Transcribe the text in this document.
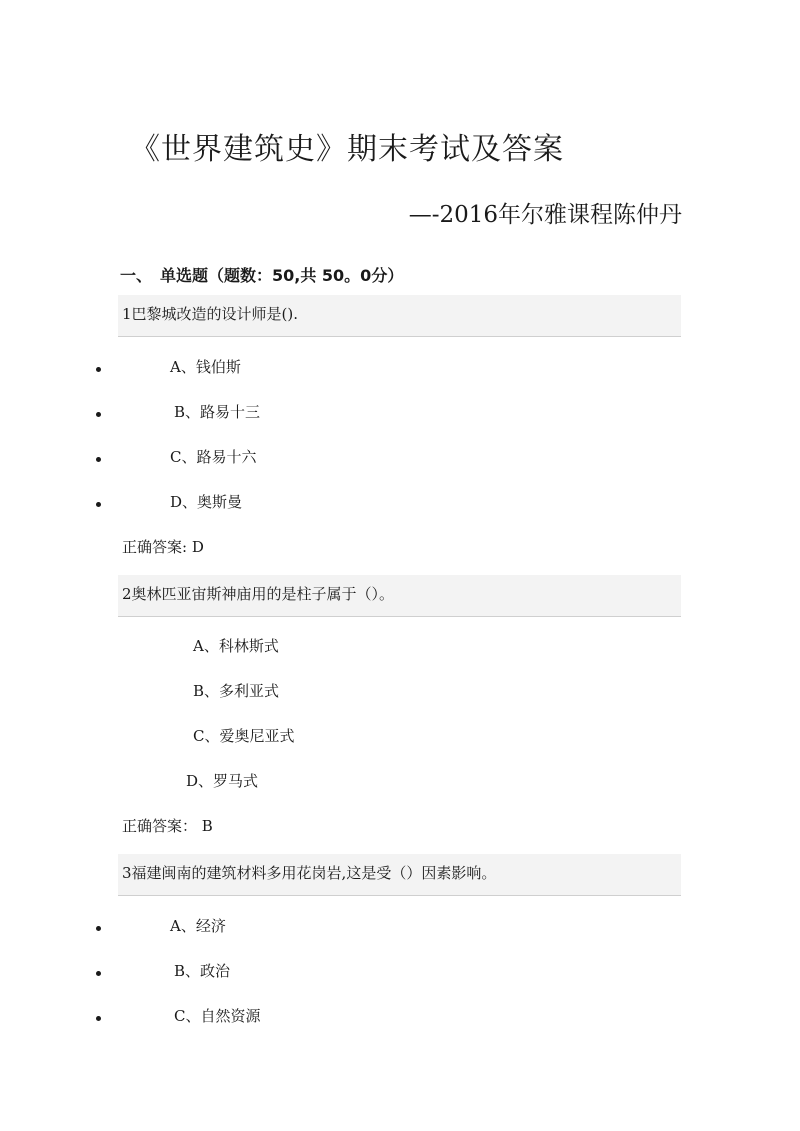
《世界建筑史》期末考试及答案
—-2016年尔雅课程陈仲丹
一、　单选题（题数：50,共 50。0分）
1巴黎城改造的设计师是().
A、钱伯斯
B、路易十三
C、路易十六
D、奥斯曼
正确答案: D
2奥林匹亚宙斯神庙用的是柱子属于（）。
A、科林斯式
B、多利亚式
C、爱奥尼亚式
D、罗马式
正确答案： B
3福建闽南的建筑材料多用花岗岩,这是受（）因素影响。
A、经济
B、政治
C、自然资源
